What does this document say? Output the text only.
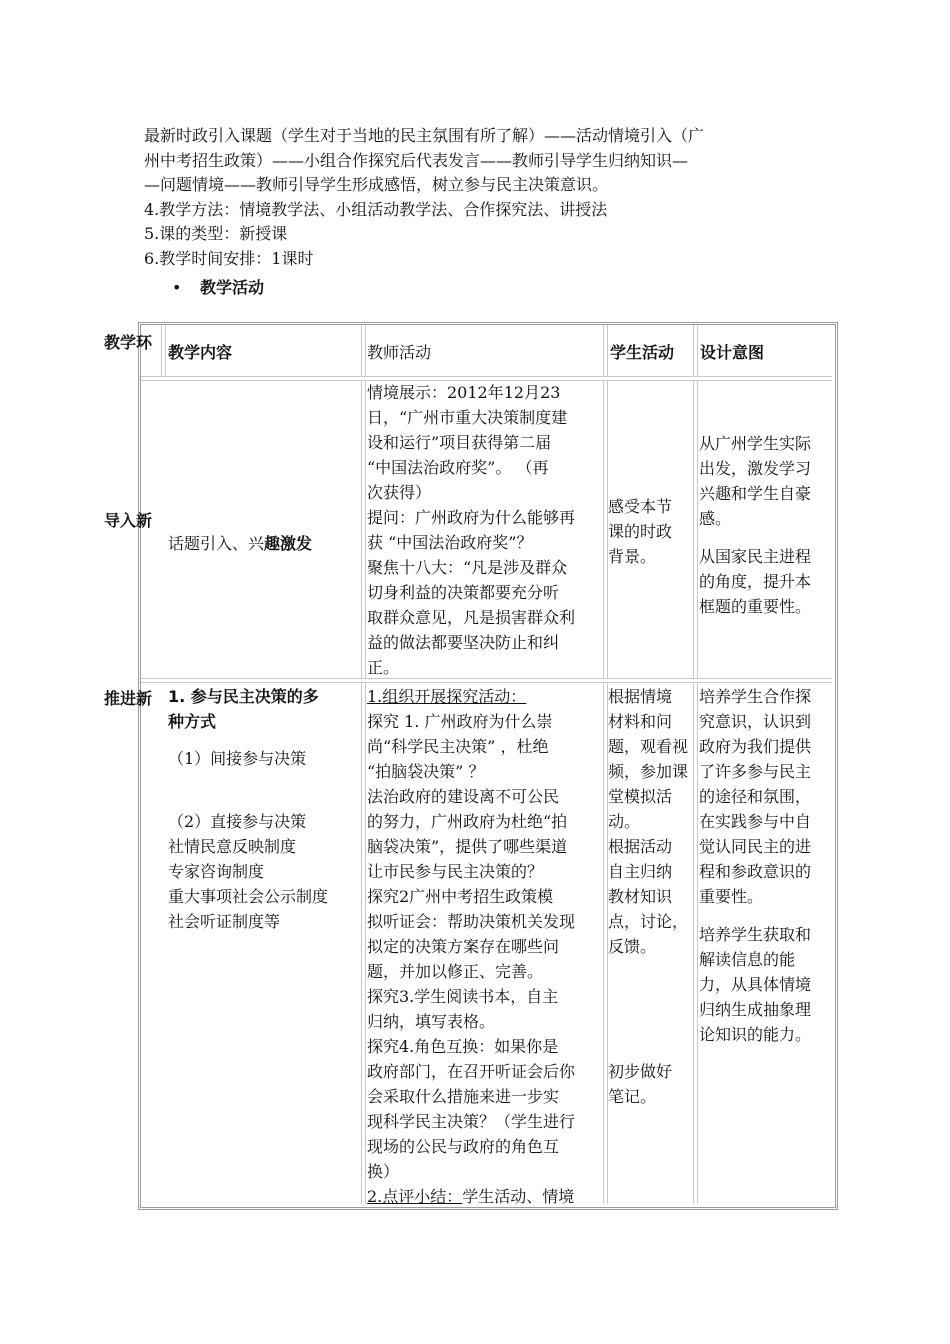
最新时政引入课题（学生对于当地的民主氛围有所了解）——活动情境引入（广

州中考招生政策）——小组合作探究后代表发言——教师引导学生归纳知识—

—问题情境——教师引导学生形成感悟，树立参与民主决策意识。

4.教学方法：情境教学法、小组活动教学法、合作探究法、讲授法

5.课的类型：新授课

6.教学时间安排：1课时

• 教学活动
教学环
教学内容	教师活动	学生活动 设计意图
导入新
话题引入、兴趣激发
情境展示：2012年12月23
日，“广州市重大决策制度建
设和运行”项目获得第二届
“中国法治政府奖”。 （再
次获得）
提问：广州政府为什么能够再
获 “中国法治政府奖”？
聚焦十八大：“凡是涉及群众
切身利益的决策都要充分听
取群众意见，凡是损害群众利
益的做法都要坚决防止和纠
正。
感受本节
课的时政
背景。
从广州学生实际
出发，激发学习
兴趣和学生自豪
感。
从国家民主进程
的角度，提升本
框题的重要性。
推进新 1. 参与民主决策的多
种方式
（1）间接参与决策
（2）直接参与决策
社情民意反映制度
专家咨询制度
重大事项社会公示制度
社会听证制度等
1.组织开展探究活动：
探究 1. 广州政府为什么崇
尚“科学民主决策” ，杜绝
“拍脑袋决策” ？
法治政府的建设离不可公民
的努力，广州政府为杜绝“拍
脑袋决策”，提供了哪些渠道
让市民参与民主决策的？
探究2广州中考招生政策模
拟听证会：帮助决策机关发现
拟定的决策方案存在哪些问
题，并加以修正、完善。
探究3.学生阅读书本，自主
归纳，填写表格。
探究4.角色互换：如果你是
政府部门，在召开听证会后你
会采取什么措施来进一步实
现科学民主决策？（学生进行
现场的公民与政府的角色互
换）
2.点评小结：学生活动、情境
根据情境
材料和问
题，观看视
频，参加课
堂模拟活
动。
根据活动
自主归纳
教材知识
点，讨论，
反馈。
初步做好
笔记。
培养学生合作探
究意识，认识到
政府为我们提供
了许多参与民主
的途径和氛围，
在实践参与中自
觉认同民主的进
程和参政意识的
重要性。
培养学生获取和
解读信息的能
力，从具体情境
归纳生成抽象理
论知识的能力。
